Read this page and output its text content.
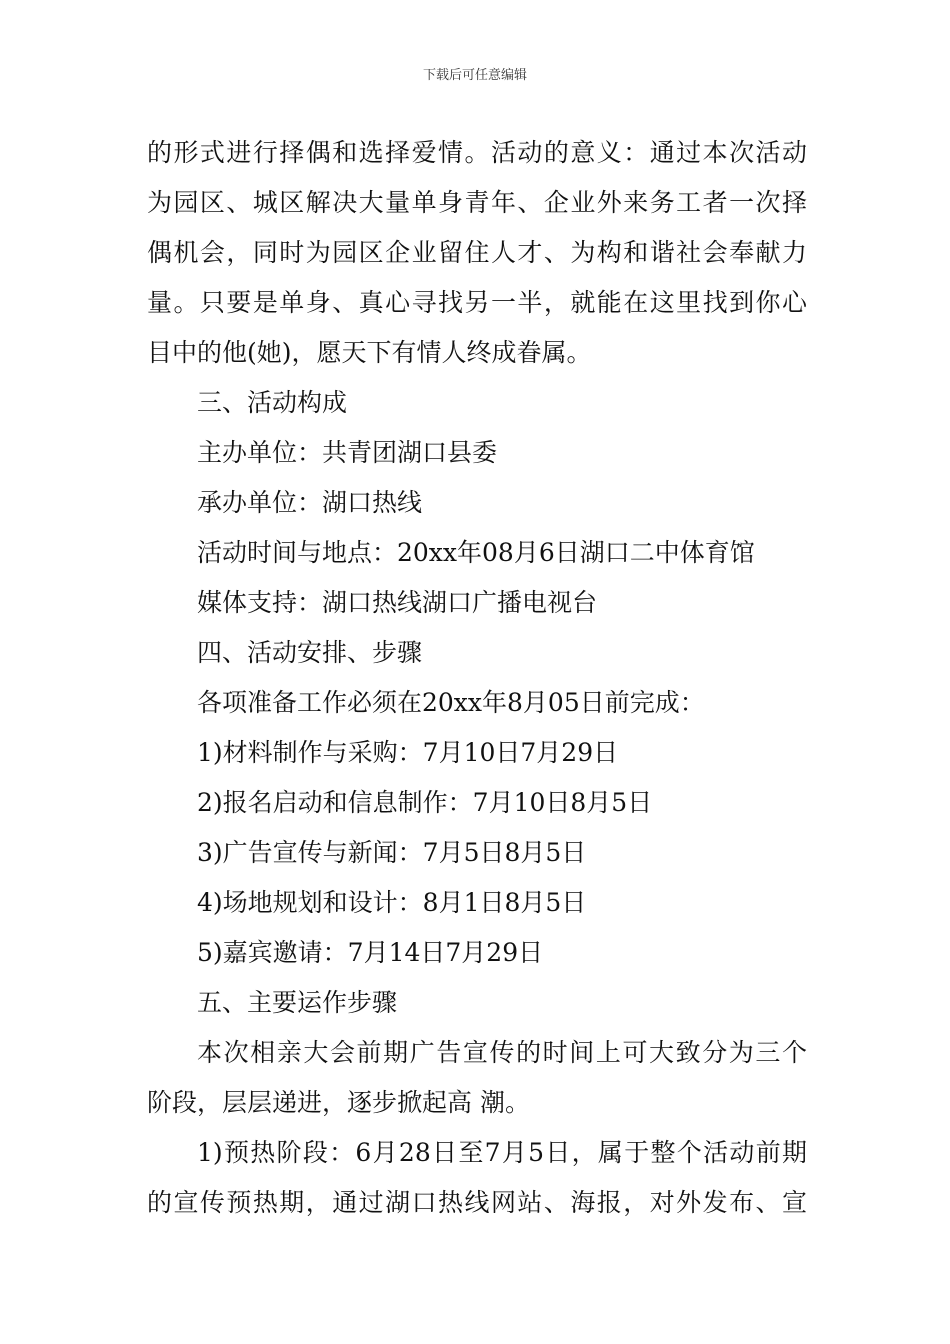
下载后可任意编辑
的形式进行择偶和选择爱情。活动的意义：通过本次活动
为园区、城区解决大量单身青年、企业外来务工者一次择
偶机会，同时为园区企业留住人才、为构和谐社会奉献力
量。只要是单身、真心寻找另一半，就能在这里找到你心
目中的他(她)，愿天下有情人终成眷属。
三、活动构成
主办单位：共青团湖口县委
承办单位：湖口热线
活动时间与地点：20xx年08月6日湖口二中体育馆
媒体支持：湖口热线湖口广播电视台
四、活动安排、步骤
各项准备工作必须在20xx年8月05日前完成：
1)材料制作与采购：7月10日7月29日
2)报名启动和信息制作：7月10日8月5日
3)广告宣传与新闻：7月5日8月5日
4)场地规划和设计：8月1日8月5日
5)嘉宾邀请：7月14日7月29日
五、主要运作步骤
本次相亲大会前期广告宣传的时间上可大致分为三个
阶段，层层递进，逐步掀起高 潮。
1)预热阶段：6月28日至7月5日，属于整个活动前期
的宣传预热期，通过湖口热线网站、海报，对外发布、宣
